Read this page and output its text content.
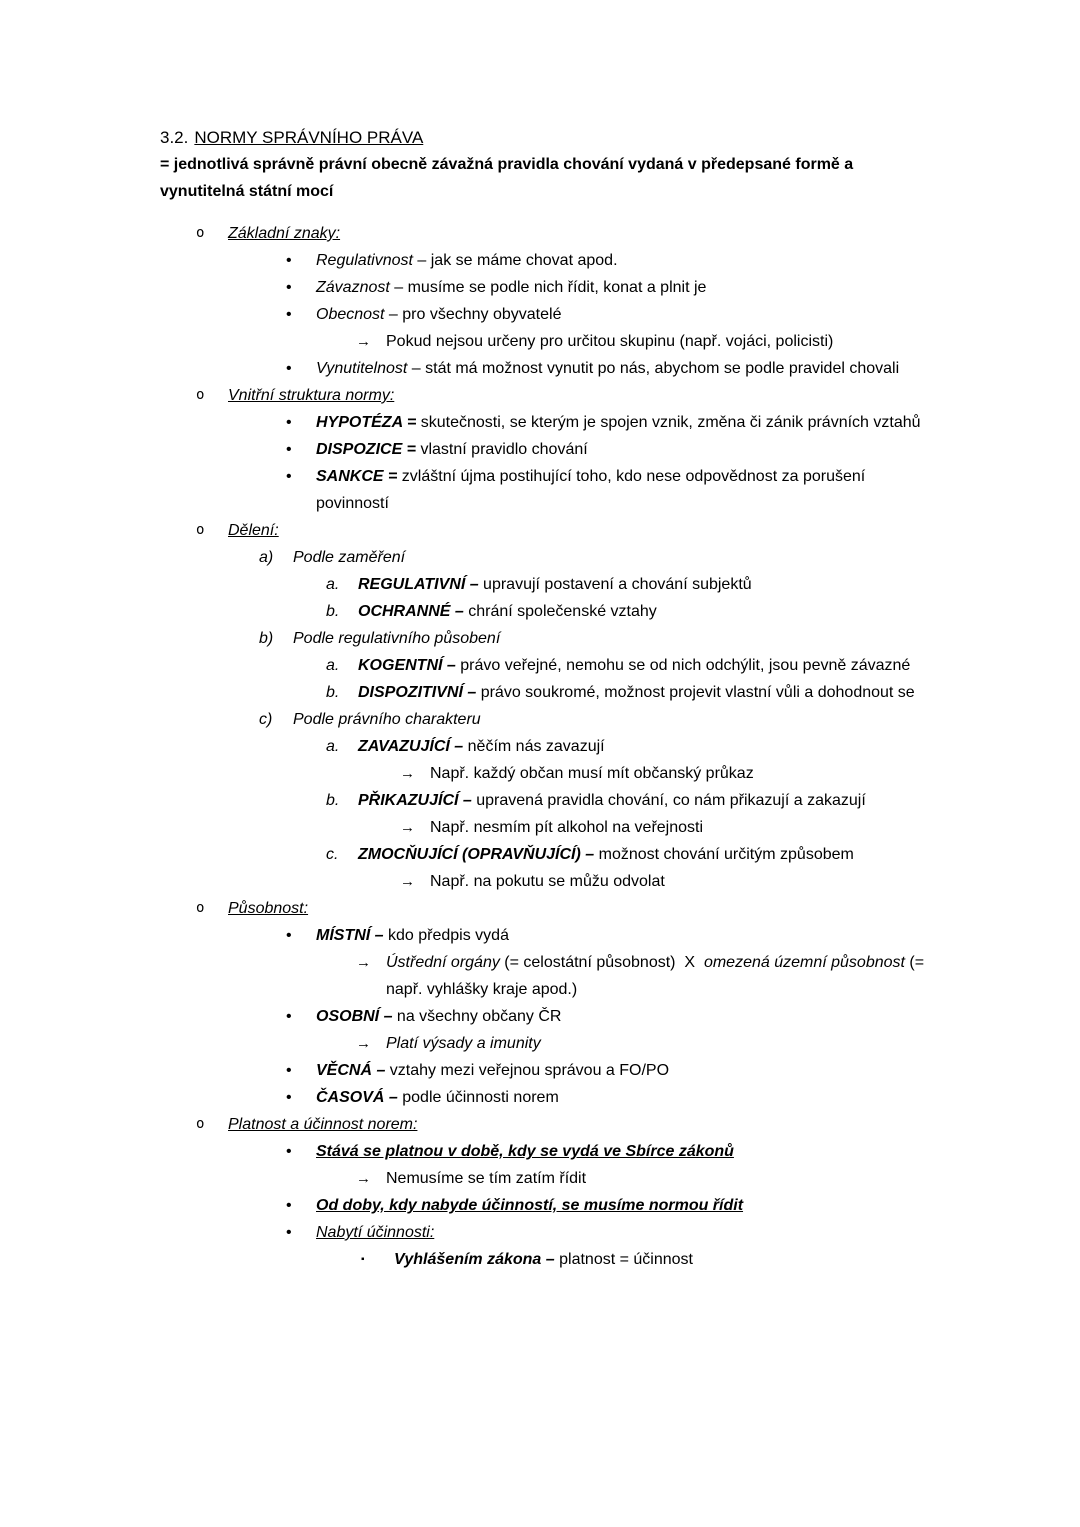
3.2. NORMY SPRÁVNÍHO PRÁVA

= jednotlivá správně právní obecně závažná pravidla chování vydaná v předepsané formě a vynutitelná státní mocí

o	Základní znaky:
•	Regulativnost – jak se máme chovat apod.
•	Závaznost – musíme se podle nich řídit, konat a plnit je
•	Obecnost – pro všechny obyvatelé
→ Pokud nejsou určeny pro určitou skupinu (např. vojáci, policisti)
•	Vynutitelnost – stát má možnost vynutit po nás, abychom se podle pravidel chovali
o	Vnitřní struktura normy:
•	HYPOTÉZA = skutečnosti, se kterým je spojen vznik, změna či zánik právních vztahů
•	DISPOZICE = vlastní pravidlo chování
•	SANKCE = zvláštní újma postihující toho, kdo nese odpovědnost za porušení povinností
o	Dělení:
a)	Podle zaměření
a.	REGULATIVNÍ – upravují postavení a chování subjektů
b.	OCHRANNÉ – chrání společenské vztahy
b)	Podle regulativního působení
a.	KOGENTNÍ – právo veřejné, nemohu se od nich odchýlit, jsou pevně závazné
b.	DISPOZITIVNÍ – právo soukromé, možnost projevit vlastní vůli a dohodnout se
c)	Podle právního charakteru
a.	ZAVAZUJÍCÍ – něčím nás zavazují
→ Např. každý občan musí mít občanský průkaz
b.	PŘIKAZUJÍCÍ – upravená pravidla chování, co nám přikazují a zakazují
→ Např. nesmím pít alkohol na veřejnosti
c.	ZMOCŇUJÍCÍ (OPRAVŇUJÍCÍ) – možnost chování určitým způsobem
→ Např. na pokutu se můžu odvolat
o	Působnost:
•	MÍSTNÍ – kdo předpis vydá
→ Ústřední orgány (= celostátní působnost)  X  omezená územní působnost (= např. vyhlášky kraje apod.)
•	OSOBNÍ – na všechny občany ČR
→ Platí výsady a imunity
•	VĚCNÁ – vztahy mezi veřejnou správou a FO/PO
•	ČASOVÁ – podle účinnosti norem
o	Platnost a účinnost norem:
•	Stává se platnou v době, kdy se vydá ve Sbírce zákonů
→ Nemusíme se tím zatím řídit
•	Od doby, kdy nabyde účinností, se musíme normou řídit
•	Nabytí účinnosti:
▪	Vyhlášením zákona – platnost = účinnost
